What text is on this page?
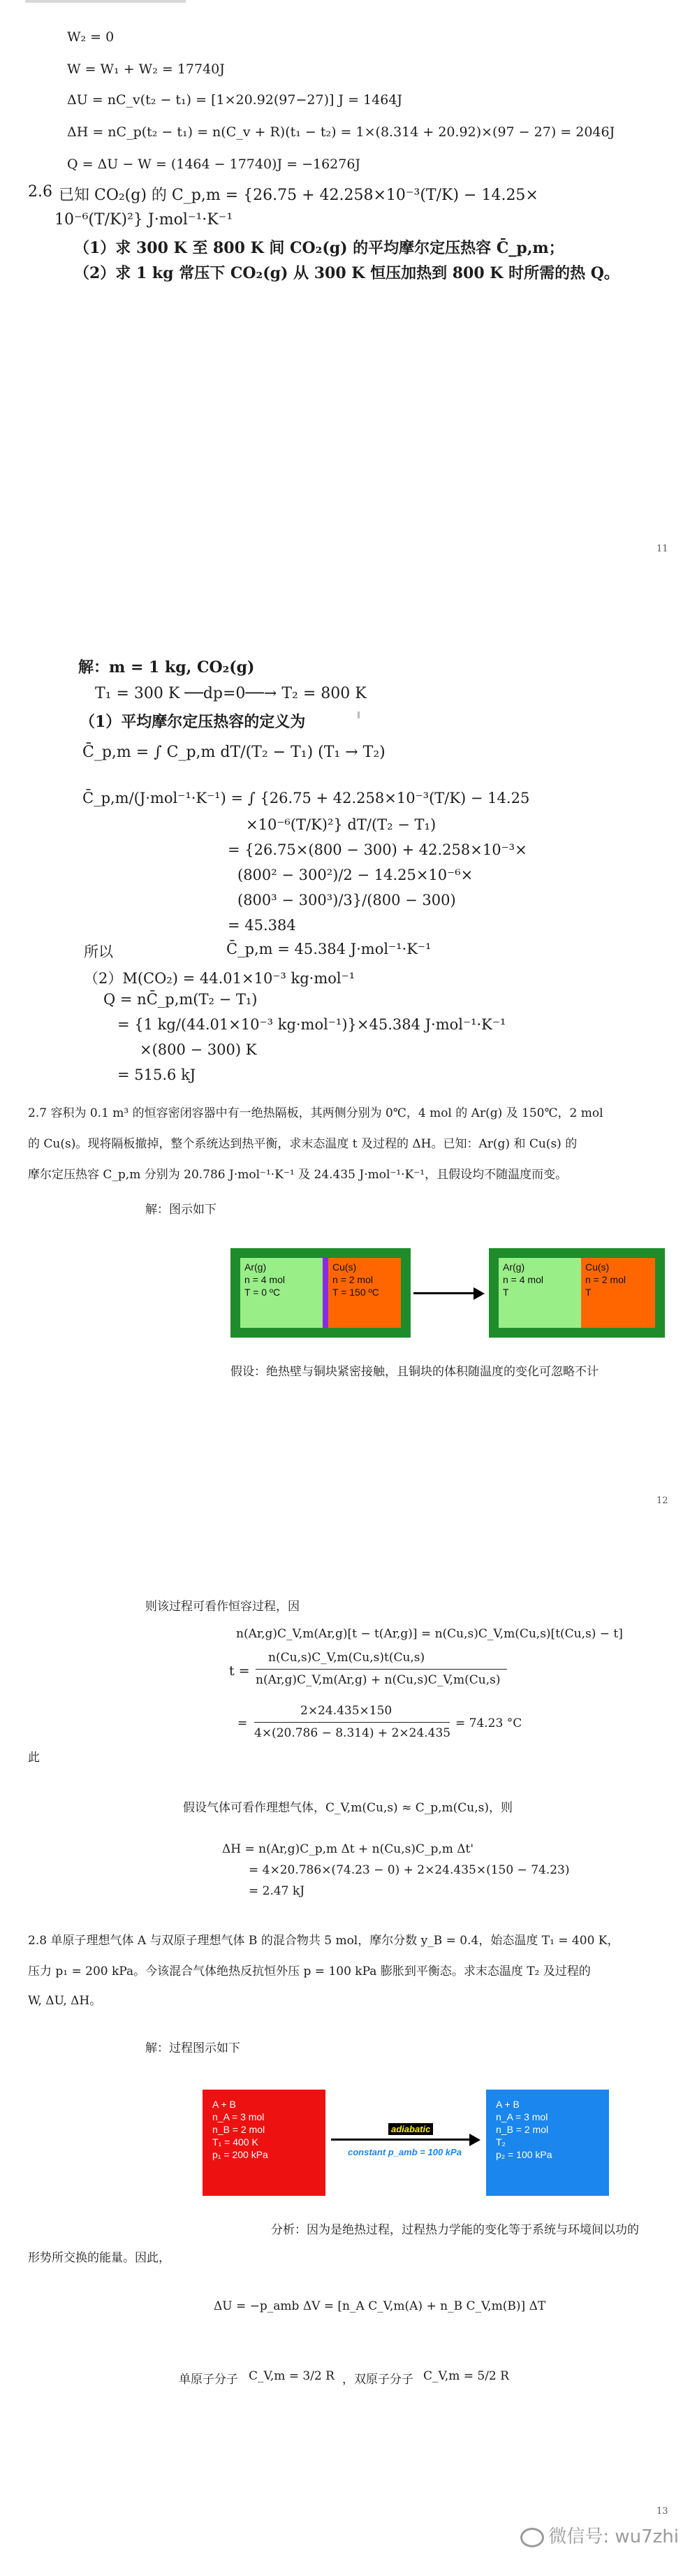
W₂ = 0
W = W₁ + W₂ = 17740J
ΔU = nC_v(t₂ − t₁) = [1×20.92(97−27)] J = 1464J
ΔH = nC_p(t₂ − t₁) = n(C_v + R)(t₁ − t₂) = 1×(8.314 + 20.92)×(97 − 27) = 2046J
Q = ΔU − W = (1464 − 17740)J = −16276J
2.6 已知 CO₂(g) 的 C_p,m = {26.75 + 42.258×10⁻³(T/K) − 14.25×
10⁻⁶(T/K)²} J·mol⁻¹·K⁻¹
（1）求 300 K 至 800 K 间 CO₂(g) 的平均摩尔定压热容 C̄_p,m；
（2）求 1 kg 常压下 CO₂(g) 从 300 K 恒压加热到 800 K 时所需的热 Q。
11
解：m = 1 kg, CO₂(g)
T₁ = 300 K ──dp=0──→ T₂ = 800 K
（1）平均摩尔定压热容的定义为
C̄_p,m = ∫ C_p,m dT/(T₂ − T₁) (T₁ → T₂)
C̄_p,m/(J·mol⁻¹·K⁻¹) = ∫ {26.75 + 42.258×10⁻³(T/K) − 14.25
×10⁻⁶(T/K)²} dT/(T₂ − T₁)
= {26.75×(800 − 300) + 42.258×10⁻³×
(800² − 300²)/2 − 14.25×10⁻⁶×
(800³ − 300³)/3}/(800 − 300)
= 45.384
所以	C̄_p,m = 45.384 J·mol⁻¹·K⁻¹
（2）M(CO₂) = 44.01×10⁻³ kg·mol⁻¹
Q = nC̄_p,m(T₂ − T₁)
= {1 kg/(44.01×10⁻³ kg·mol⁻¹)}×45.384 J·mol⁻¹·K⁻¹
×(800 − 300) K
= 515.6 kJ
2.7 容积为 0.1 m³ 的恒容密闭容器中有一绝热隔板，其两侧分别为 0℃，4 mol 的 Ar(g) 及 150℃，2 mol
的 Cu(s)。现将隔板撤掉，整个系统达到热平衡，求末态温度 t 及过程的 ΔH。已知：Ar(g) 和 Cu(s) 的
摩尔定压热容 C_p,m 分别为 20.786 J·mol⁻¹·K⁻¹ 及 24.435 J·mol⁻¹·K⁻¹，且假设均不随温度而变。
解：图示如下
Ar(g)
n = 4 mol
T = 0 ºC
Cu(s)
n = 2 mol
T = 150 ºC
Ar(g)
n = 4 mol
T
Cu(s)
n = 2 mol
T
假设：绝热壁与铜块紧密接触，且铜块的体积随温度的变化可忽略不计
12
则该过程可看作恒容过程，因
n(Ar,g)C_V,m(Ar,g)[t − t(Ar,g)] = n(Cu,s)C_V,m(Cu,s)[t(Cu,s) − t]
t =
n(Cu,s)C_V,m(Cu,s)t(Cu,s)
n(Ar,g)C_V,m(Ar,g) + n(Cu,s)C_V,m(Cu,s)
=
2×24.435×150
4×(20.786 − 8.314) + 2×24.435
= 74.23 °C
此
假设气体可看作理想气体，C_V,m(Cu,s) ≈ C_p,m(Cu,s)，则
ΔH = n(Ar,g)C_p,m Δt + n(Cu,s)C_p,m Δt'
= 4×20.786×(74.23 − 0) + 2×24.435×(150 − 74.23)
= 2.47 kJ
2.8 单原子理想气体 A 与双原子理想气体 B 的混合物共 5 mol，摩尔分数 y_B = 0.4，始态温度 T₁ = 400 K，
压力 p₁ = 200 kPa。今该混合气体绝热反抗恒外压 p = 100 kPa 膨胀到平衡态。求末态温度 T₂ 及过程的
W, ΔU, ΔH。
解：过程图示如下
A + B
n_A = 3 mol
n_B = 2 mol
T₁ = 400 K
p₁ = 200 kPa
adiabatic
constant p_amb = 100 kPa
A + B
n_A = 3 mol
n_B = 2 mol
T₂
p₂ = 100 kPa
分析：因为是绝热过程，过程热力学能的变化等于系统与环境间以功的
形势所交换的能量。因此，
ΔU = −p_amb ΔV = [n_A C_V,m(A) + n_B C_V,m(B)] ΔT
单原子分子 C_V,m = 3/2 R ，双原子分子 C_V,m = 5/2 R
13
微信号: wu7zhi
